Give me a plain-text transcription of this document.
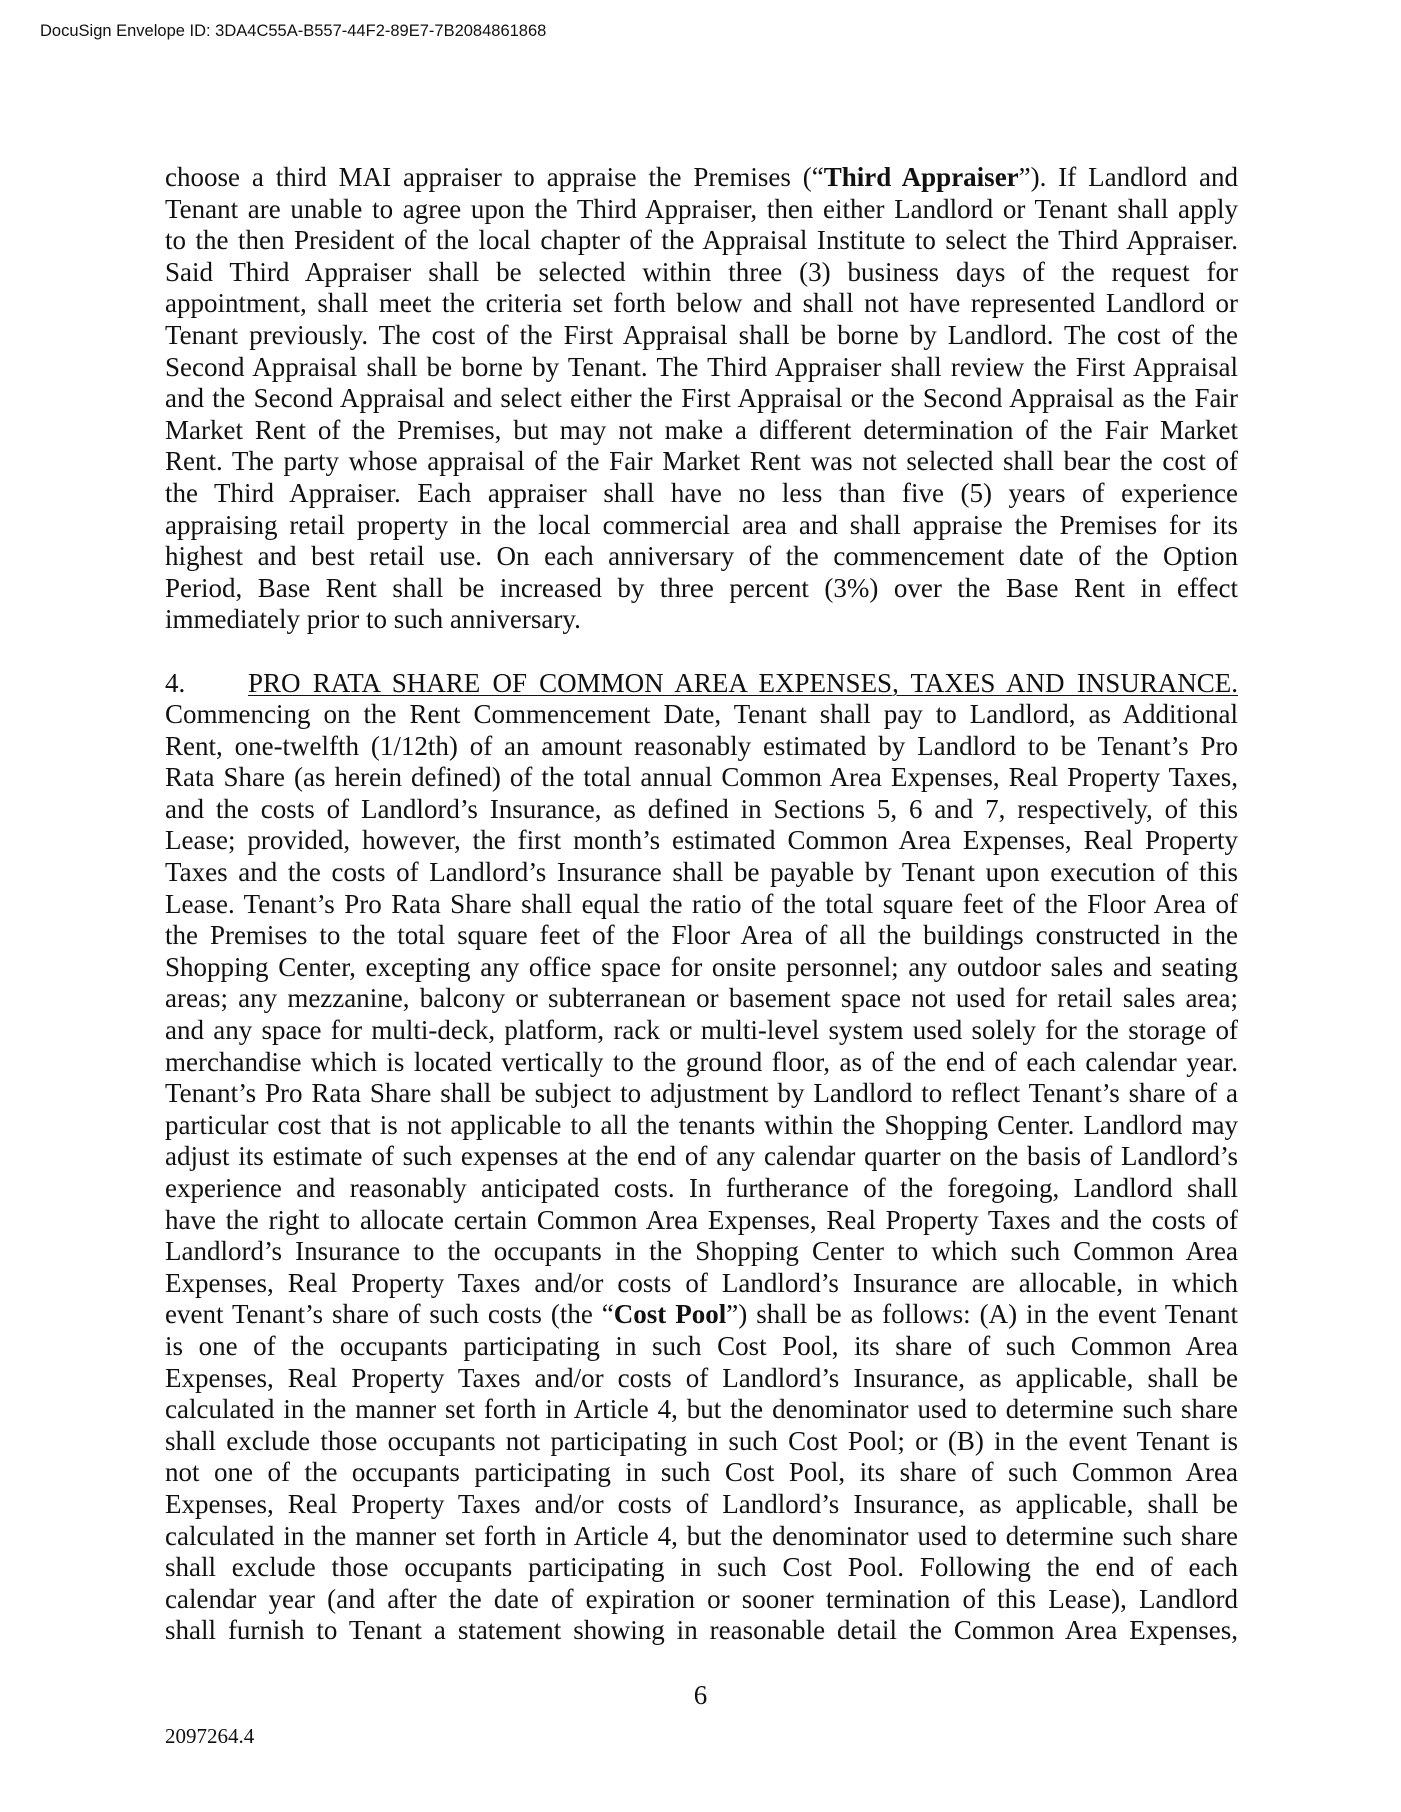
DocuSign Envelope ID: 3DA4C55A-B557-44F2-89E7-7B2084861868
choose a third MAI appraiser to appraise the Premises (“Third Appraiser”). If Landlord and
Tenant are unable to agree upon the Third Appraiser, then either Landlord or Tenant shall apply
to the then President of the local chapter of the Appraisal Institute to select the Third Appraiser.
Said Third Appraiser shall be selected within three (3) business days of the request for
appointment, shall meet the criteria set forth below and shall not have represented Landlord or
Tenant previously. The cost of the First Appraisal shall be borne by Landlord. The cost of the
Second Appraisal shall be borne by Tenant. The Third Appraiser shall review the First Appraisal
and the Second Appraisal and select either the First Appraisal or the Second Appraisal as the Fair
Market Rent of the Premises, but may not make a different determination of the Fair Market
Rent. The party whose appraisal of the Fair Market Rent was not selected shall bear the cost of
the Third Appraiser. Each appraiser shall have no less than five (5) years of experience
appraising retail property in the local commercial area and shall appraise the Premises for its
highest and best retail use. On each anniversary of the commencement date of the Option
Period, Base Rent shall be increased by three percent (3%) over the Base Rent in effect
immediately prior to such anniversary.
4.	PRO RATA SHARE OF COMMON AREA EXPENSES, TAXES AND INSURANCE.
Commencing on the Rent Commencement Date, Tenant shall pay to Landlord, as Additional
Rent, one-twelfth (1/12th) of an amount reasonably estimated by Landlord to be Tenant’s Pro
Rata Share (as herein defined) of the total annual Common Area Expenses, Real Property Taxes,
and the costs of Landlord’s Insurance, as defined in Sections 5, 6 and 7, respectively, of this
Lease; provided, however, the first month’s estimated Common Area Expenses, Real Property
Taxes and the costs of Landlord’s Insurance shall be payable by Tenant upon execution of this
Lease. Tenant’s Pro Rata Share shall equal the ratio of the total square feet of the Floor Area of
the Premises to the total square feet of the Floor Area of all the buildings constructed in the
Shopping Center, excepting any office space for onsite personnel; any outdoor sales and seating
areas; any mezzanine, balcony or subterranean or basement space not used for retail sales area;
and any space for multi-deck, platform, rack or multi-level system used solely for the storage of
merchandise which is located vertically to the ground floor, as of the end of each calendar year.
Tenant’s Pro Rata Share shall be subject to adjustment by Landlord to reflect Tenant’s share of a
particular cost that is not applicable to all the tenants within the Shopping Center. Landlord may
adjust its estimate of such expenses at the end of any calendar quarter on the basis of Landlord’s
experience and reasonably anticipated costs. In furtherance of the foregoing, Landlord shall
have the right to allocate certain Common Area Expenses, Real Property Taxes and the costs of
Landlord’s Insurance to the occupants in the Shopping Center to which such Common Area
Expenses, Real Property Taxes and/or costs of Landlord’s Insurance are allocable, in which
event Tenant’s share of such costs (the “Cost Pool”) shall be as follows: (A) in the event Tenant
is one of the occupants participating in such Cost Pool, its share of such Common Area
Expenses, Real Property Taxes and/or costs of Landlord’s Insurance, as applicable, shall be
calculated in the manner set forth in Article 4, but the denominator used to determine such share
shall exclude those occupants not participating in such Cost Pool; or (B) in the event Tenant is
not one of the occupants participating in such Cost Pool, its share of such Common Area
Expenses, Real Property Taxes and/or costs of Landlord’s Insurance, as applicable, shall be
calculated in the manner set forth in Article 4, but the denominator used to determine such share
shall exclude those occupants participating in such Cost Pool. Following the end of each
calendar year (and after the date of expiration or sooner termination of this Lease), Landlord
shall furnish to Tenant a statement showing in reasonable detail the Common Area Expenses,
6
2097264.4
